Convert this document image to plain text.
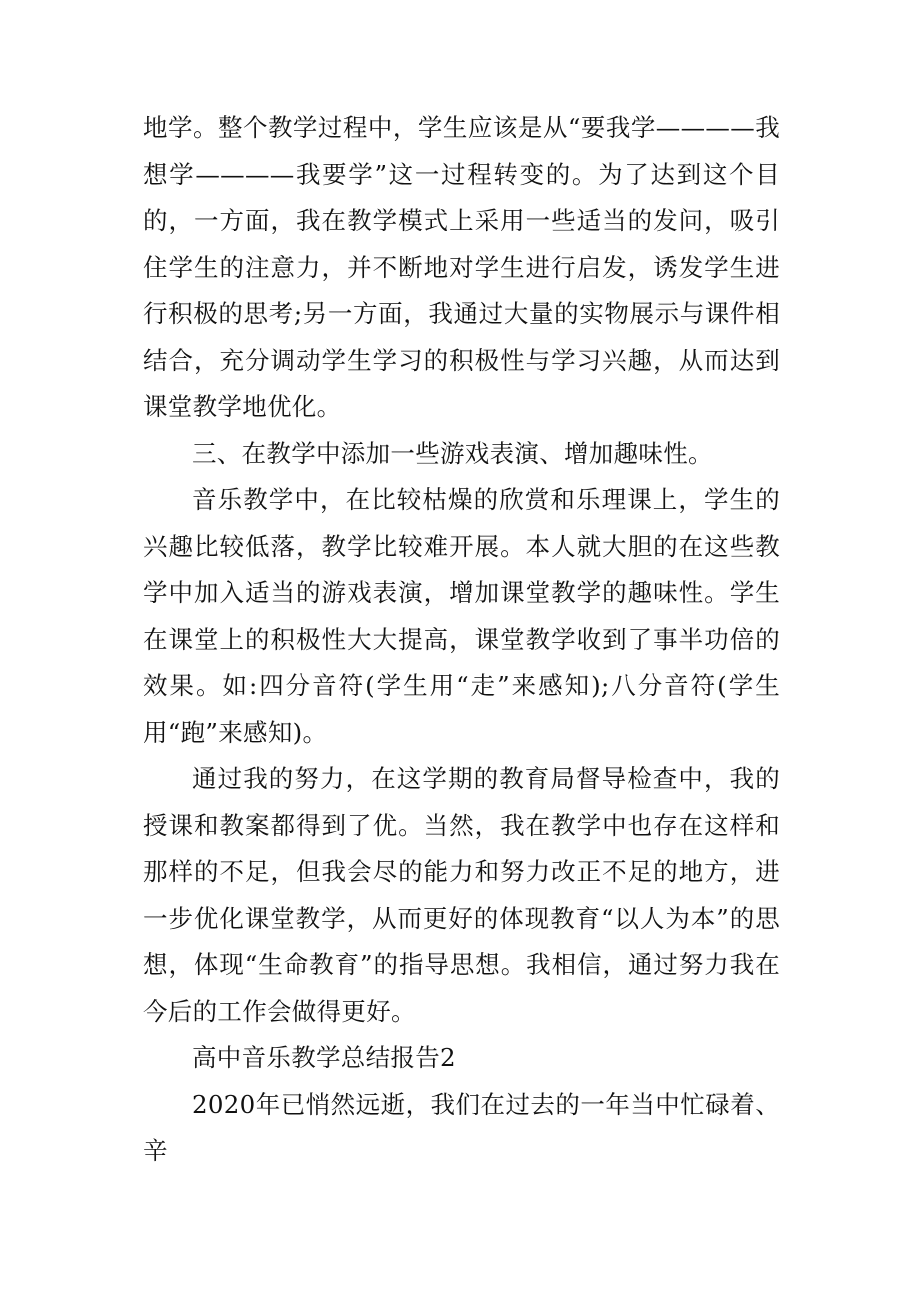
地学。整个教学过程中，学生应该是从“要我学————我想学————我要学”这一过程转变的。为了达到这个目的，一方面，我在教学模式上采用一些适当的发问，吸引住学生的注意力，并不断地对学生进行启发，诱发学生进行积极的思考;另一方面，我通过大量的实物展示与课件相结合，充分调动学生学习的积极性与学习兴趣，从而达到课堂教学地优化。

三、在教学中添加一些游戏表演、增加趣味性。

音乐教学中，在比较枯燥的欣赏和乐理课上，学生的兴趣比较低落，教学比较难开展。本人就大胆的在这些教学中加入适当的游戏表演，增加课堂教学的趣味性。学生在课堂上的积极性大大提高，课堂教学收到了事半功倍的效果。如:四分音符(学生用“走”来感知);八分音符(学生用“跑”来感知)。

通过我的努力，在这学期的教育局督导检查中，我的授课和教案都得到了优。当然，我在教学中也存在这样和那样的不足，但我会尽的能力和努力改正不足的地方，进一步优化课堂教学，从而更好的体现教育“以人为本”的思想，体现“生命教育”的指导思想。我相信，通过努力我在今后的工作会做得更好。

高中音乐教学总结报告2

2020年已悄然远逝，我们在过去的一年当中忙碌着、辛
